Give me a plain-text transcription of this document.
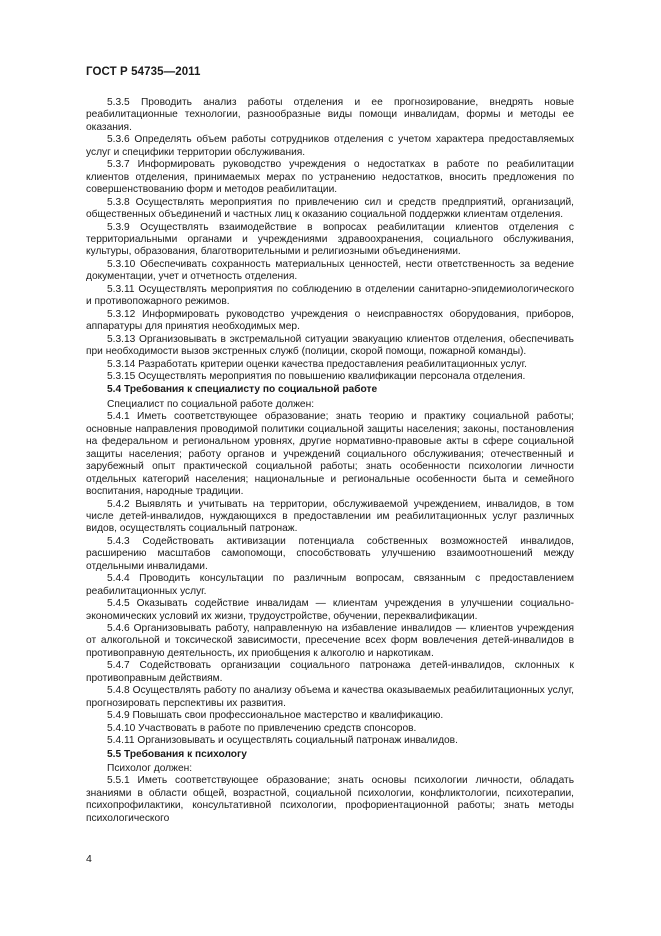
ГОСТ Р 54735—2011

5.3.5 Проводить анализ работы отделения и ее прогнозирование, внедрять новые реабилитационные технологии, разнообразные виды помощи инвалидам, формы и методы ее оказания.

5.3.6 Определять объем работы сотрудников отделения с учетом характера предоставляемых услуг и специфики территории обслуживания.

5.3.7 Информировать руководство учреждения о недостатках в работе по реабилитации клиентов отделения, принимаемых мерах по устранению недостатков, вносить предложения по совершенствованию форм и методов реабилитации.

5.3.8 Осуществлять мероприятия по привлечению сил и средств предприятий, организаций, общественных объединений и частных лиц к оказанию социальной поддержки клиентам отделения.

5.3.9 Осуществлять взаимодействие в вопросах реабилитации клиентов отделения с территориальными органами и учреждениями здравоохранения, социального обслуживания, культуры, образования, благотворительными и религиозными объединениями.

5.3.10 Обеспечивать сохранность материальных ценностей, нести ответственность за ведение документации, учет и отчетность отделения.

5.3.11 Осуществлять мероприятия по соблюдению в отделении санитарно-эпидемиологического и противопожарного режимов.

5.3.12 Информировать руководство учреждения о неисправностях оборудования, приборов, аппаратуры для принятия необходимых мер.

5.3.13 Организовывать в экстремальной ситуации эвакуацию клиентов отделения, обеспечивать при необходимости вызов экстренных служб (полиции, скорой помощи, пожарной команды).

5.3.14 Разработать критерии оценки качества предоставления реабилитационных услуг.

5.3.15 Осуществлять мероприятия по повышению квалификации персонала отделения.

5.4 Требования к специалисту по социальной работе

Специалист по социальной работе должен:

5.4.1 Иметь соответствующее образование; знать теорию и практику социальной работы; основные направления проводимой политики социальной защиты населения; законы, постановления на федеральном и региональном уровнях, другие нормативно-правовые акты в сфере социальной защиты населения; работу органов и учреждений социального обслуживания; отечественный и зарубежный опыт практической социальной работы; знать особенности психологии личности отдельных категорий населения; национальные и региональные особенности быта и семейного воспитания, народные традиции.

5.4.2 Выявлять и учитывать на территории, обслуживаемой учреждением, инвалидов, в том числе детей-инвалидов, нуждающихся в предоставлении им реабилитационных услуг различных видов, осуществлять социальный патронаж.

5.4.3 Содействовать активизации потенциала собственных возможностей инвалидов, расширению масштабов самопомощи, способствовать улучшению взаимоотношений между отдельными инвалидами.

5.4.4 Проводить консультации по различным вопросам, связанным с предоставлением реабилитационных услуг.

5.4.5 Оказывать содействие инвалидам — клиентам учреждения в улучшении социально-экономических условий их жизни, трудоустройстве, обучении, переквалификации.

5.4.6 Организовывать работу, направленную на избавление инвалидов — клиентов учреждения от алкогольной и токсической зависимости, пресечение всех форм вовлечения детей-инвалидов в противоправную деятельность, их приобщения к алкоголю и наркотикам.

5.4.7 Содействовать организации социального патронажа детей-инвалидов, склонных к противоправным действиям.

5.4.8 Осуществлять работу по анализу объема и качества оказываемых реабилитационных услуг, прогнозировать перспективы их развития.

5.4.9 Повышать свои профессиональное мастерство и квалификацию.

5.4.10 Участвовать в работе по привлечению средств спонсоров.

5.4.11 Организовывать и осуществлять социальный патронаж инвалидов.

5.5 Требования к психологу

Психолог должен:

5.5.1 Иметь соответствующее образование; знать основы психологии личности, обладать знаниями в области общей, возрастной, социальной психологии, конфликтологии, психотерапии, психопрофилактики, консультативной психологии, профориентационной работы; знать методы психологического

4
